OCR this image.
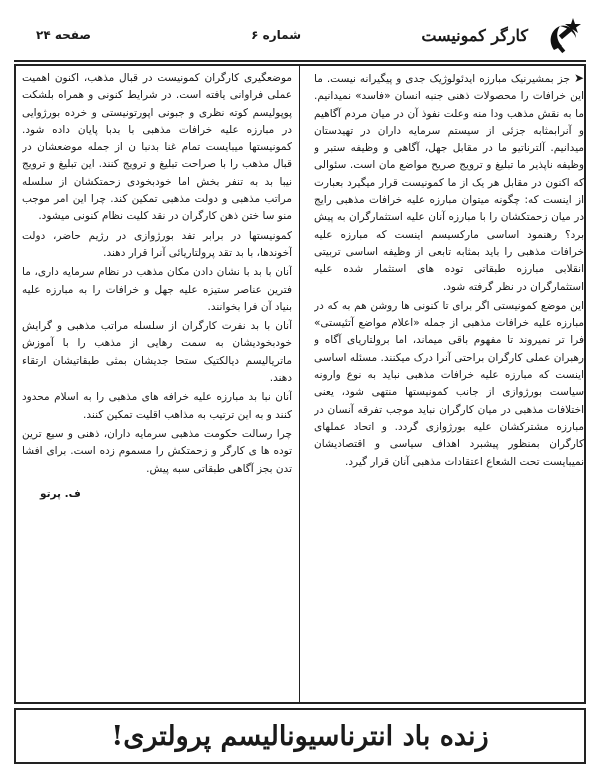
کارگر کمونیست
شماره ۶
صفحه ۲۴

➤جز بمشیرنیک مبارزه ایدئولوژیک جدی و پیگیرانه نیست. ما این خرافات را محصولات ذهنی جنبه انسان «فاسد» نمیدانیم. ما به نقش مذهب ودا منه وعلت نفوذ آن در میان مردم آگاهیم و آنرابمثابه جزئی از سیستم سرمایه داران در تهیدستان میدانیم. آلترناتیو ما در مقابل جهل، آگاهی و وظیفه ستبر و وظیفه ناپذیر ما تبلیغ و ترویج صریح مواضع مان است. سئوالی که اکنون در مقابل هر یک از ما کمونیست قرار میگیرد بعبارت از اینست که: چگونه میتوان مبارزه علیه خرافات مذهبی رایج در میان زحمتکشان را با مبارزه آنان علیه استثمارگران به پیش برد؟ رهنمود اساسی مارکسیسم اینست که مبارزه علیه خرافات مذهبی را باید بمثابه تابعی از وظیفه اساسی تربیتی انقلابی مبارزه طبقاتی توده های استثمار شده علیه استثمارگران در نظر گرفته شود.

این موضع کمونیستی اگر برای تا کنونی ها روشن هم به که در مبارزه علیه خرافات مذهبی از جمله «اعلام مواضع آتئیستی» فرا تر نمیروند تا مفهوم باقی میماند، اما برولتاریای آگاه و رهبران عملی کارگران براحتی آنرا درک میکنند. مسئله اساسی اینست که مبارزه علیه خرافات مذهبی نباید به نوع وارونه سیاست بورژوازی از جانب کمونیستها منتهی شود، یعنی اختلافات مذهبی در میان کارگران نباید موجب تفرقه آنسان در مبارزه مشترکشان علیه بورژوازی گردد. و اتحاد عملهای کارگران بمنظور پیشبرد اهداف سیاسی و اقتصادیشان نمیبایست تحت الشعاع اعتقادات مذهبی آنان قرار گیرد.

موضعگیری کارگران کمونیست در قبال مذهب، اکنون اهمیت عملی فراوانی یافته است. در شرایط کنونی و همراه بلشکت پوپولیسم کوته نظری و جبونی اپورتونیستی و خرده بورژوایی در مبارزه علیه خرافات مذهبی با بدبا پایان داده شود. کمونیستها میبایست تمام غنا بدنبا ن از جمله موضعشان در قبال مذهب را با صراحت تبلیغ و ترویج کنند. این تبلیغ و ترویج نیبا بد به تنفر بخش اما خودبخودی زحمتکشان از سلسله مراتب مذهبی و دولت مذهبی تمکین کند. چرا این امر موجب منو سا ختن ذهن کارگران در نقد کلیت نظام کنونی میشود.

کمونیستها در برابر تفد بورژوازی در رژیم حاضر، دولت آخوندها، با بد تقد پرولتاریائی آنرا قرار دهند.

آنان با بد با نشان دادن مکان مذهب در نظام سرمایه داری، ما فترین عناصر ستیزه علیه جهل و خرافات را به مبارزه علیه بنیاد آن فرا بخوانند.

آنان با بد نفرت کارگران از سلسله مراتب مذهبی و گرایش خودبخودیشان به سمت رهایی از مذهب را با آموزش ماتریالیسم دیالکتیک ستحا جدیشان بمثی طبقاتیشان ارتقاء دهند.

آنان نبا بد مبارزه علیه خرافه های مذهبی را به اسلام محدود کنند و به این ترتیب به مذاهب اقلیت تمکین کنند.

چرا رسالت حکومت مذهبی سرمایه داران، ذهنی و سیع ترین توده ها ی کارگر و زحمتکش را مسموم زده است. برای افشا تدن بجز آگاهی طبقاتی سبه پیش.

ف. پرتو
زنده باد انترناسیونالیسم پرولتری!
